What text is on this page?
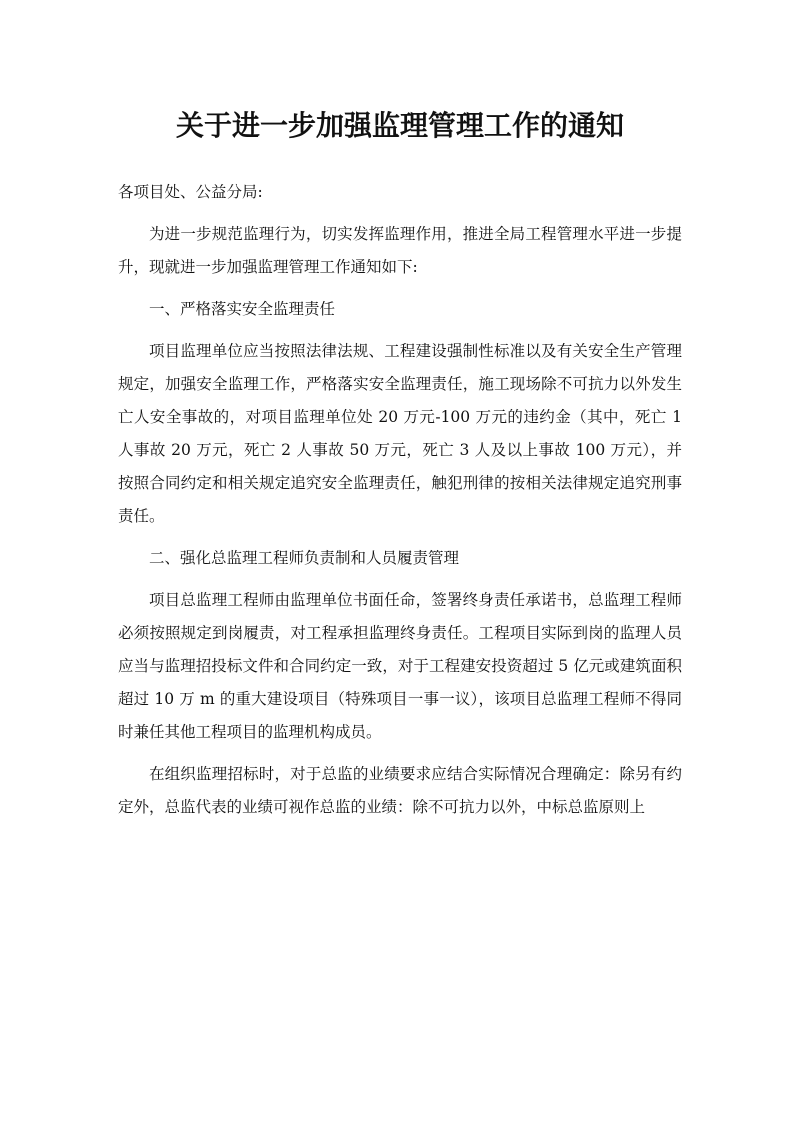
关于进一步加强监理管理工作的通知

各项目处、公益分局:

为进一步规范监理行为，切实发挥监理作用，推进全局工程管理水平进一步提升，现就进一步加强监理管理工作通知如下:

一、严格落实安全监理责任

项目监理单位应当按照法律法规、工程建设强制性标准以及有关安全生产管理规定，加强安全监理工作，严格落实安全监理责任，施工现场除不可抗力以外发生亡人安全事故的，对项目监理单位处 20 万元-100 万元的违约金（其中，死亡 1 人事故 20 万元，死亡 2 人事故 50 万元，死亡 3 人及以上事故 100 万元），并按照合同约定和相关规定追究安全监理责任，触犯刑律的按相关法律规定追究刑事责任。

二、强化总监理工程师负责制和人员履责管理

项目总监理工程师由监理单位书面任命，签署终身责任承诺书，总监理工程师必须按照规定到岗履责，对工程承担监理终身责任。工程项目实际到岗的监理人员应当与监理招投标文件和合同约定一致，对于工程建安投资超过 5 亿元或建筑面积超过 10 万 m 的重大建设项目（特殊项目一事一议），该项目总监理工程师不得同时兼任其他工程项目的监理机构成员。

在组织监理招标时，对于总监的业绩要求应结合实际情况合理确定：除另有约定外，总监代表的业绩可视作总监的业绩：除不可抗力以外，中标总监原则上
